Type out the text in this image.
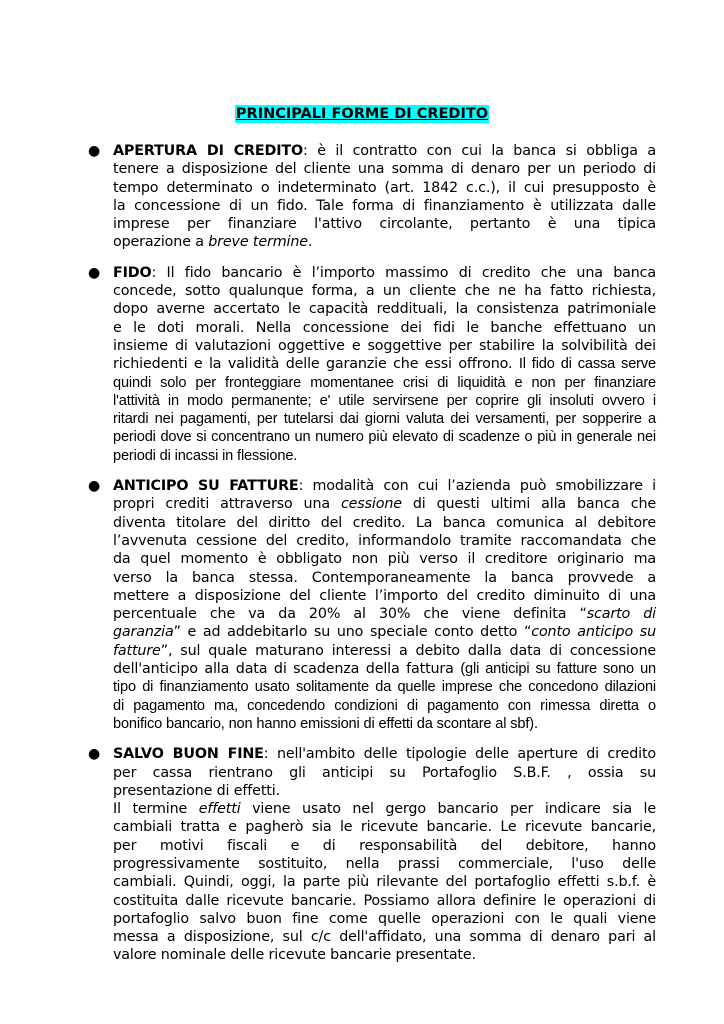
PRINCIPALI FORME DI CREDITO
● APERTURA DI CREDITO: è il contratto con cui la banca si obbliga a
tenere a disposizione del cliente una somma di denaro per un periodo di
tempo determinato o indeterminato (art. 1842 c.c.), il cui presupposto è
la concessione di un fido. Tale forma di finanziamento è utilizzata dalle
imprese per finanziare l'attivo circolante, pertanto è una tipica
operazione a breve termine.
● FIDO: Il fido bancario è l’importo massimo di credito che una banca
concede, sotto qualunque forma, a un cliente che ne ha fatto richiesta,
dopo averne accertato le capacità reddituali, la consistenza patrimoniale
e le doti morali. Nella concessione dei fidi le banche effettuano un
insieme di valutazioni oggettive e soggettive per stabilire la solvibilità dei
richiedenti e la validità delle garanzie che essi offrono. Il fido di cassa serve
quindi solo per fronteggiare momentanee crisi di liquidità e non per finanziare
l'attività in modo permanente; e' utile servirsene per coprire gli insoluti ovvero i
ritardi nei pagamenti, per tutelarsi dai giorni valuta dei versamenti, per sopperire a
periodi dove si concentrano un numero più elevato di scadenze o più in generale nei
periodi di incassi in flessione.
● ANTICIPO SU FATTURE: modalità con cui l’azienda può smobilizzare i
propri crediti attraverso una cessione di questi ultimi alla banca che
diventa titolare del diritto del credito. La banca comunica al debitore
l’avvenuta cessione del credito, informandolo tramite raccomandata che
da quel momento è obbligato non più verso il creditore originario ma
verso la banca stessa. Contemporaneamente la banca provvede a
mettere a disposizione del cliente l’importo del credito diminuito di una
percentuale che va da 20% al 30% che viene definita “scarto di
garanzia” e ad addebitarlo su uno speciale conto detto “conto anticipo su
fatture”, sul quale maturano interessi a debito dalla data di concessione
dell'anticipo alla data di scadenza della fattura (gli anticipi su fatture sono un
tipo di finanziamento usato solitamente da quelle imprese che concedono dilazioni
di pagamento ma, concedendo condizioni di pagamento con rimessa diretta o
bonifico bancario, non hanno emissioni di effetti da scontare al sbf).
● SALVO BUON FINE: nell'ambito delle tipologie delle aperture di credito
per cassa rientrano gli anticipi su Portafoglio S.B.F. , ossia su
presentazione di effetti.
Il termine effetti viene usato nel gergo bancario per indicare sia le
cambiali tratta e pagherò sia le ricevute bancarie. Le ricevute bancarie,
per motivi fiscali e di responsabilità del debitore, hanno
progressivamente sostituito, nella prassi commerciale, l'uso delle
cambiali. Quindi, oggi, la parte più rilevante del portafoglio effetti s.b.f. è
costituita dalle ricevute bancarie. Possiamo allora definire le operazioni di
portafoglio salvo buon fine come quelle operazioni con le quali viene
messa a disposizione, sul c/c dell'affidato, una somma di denaro pari al
valore nominale delle ricevute bancarie presentate.
